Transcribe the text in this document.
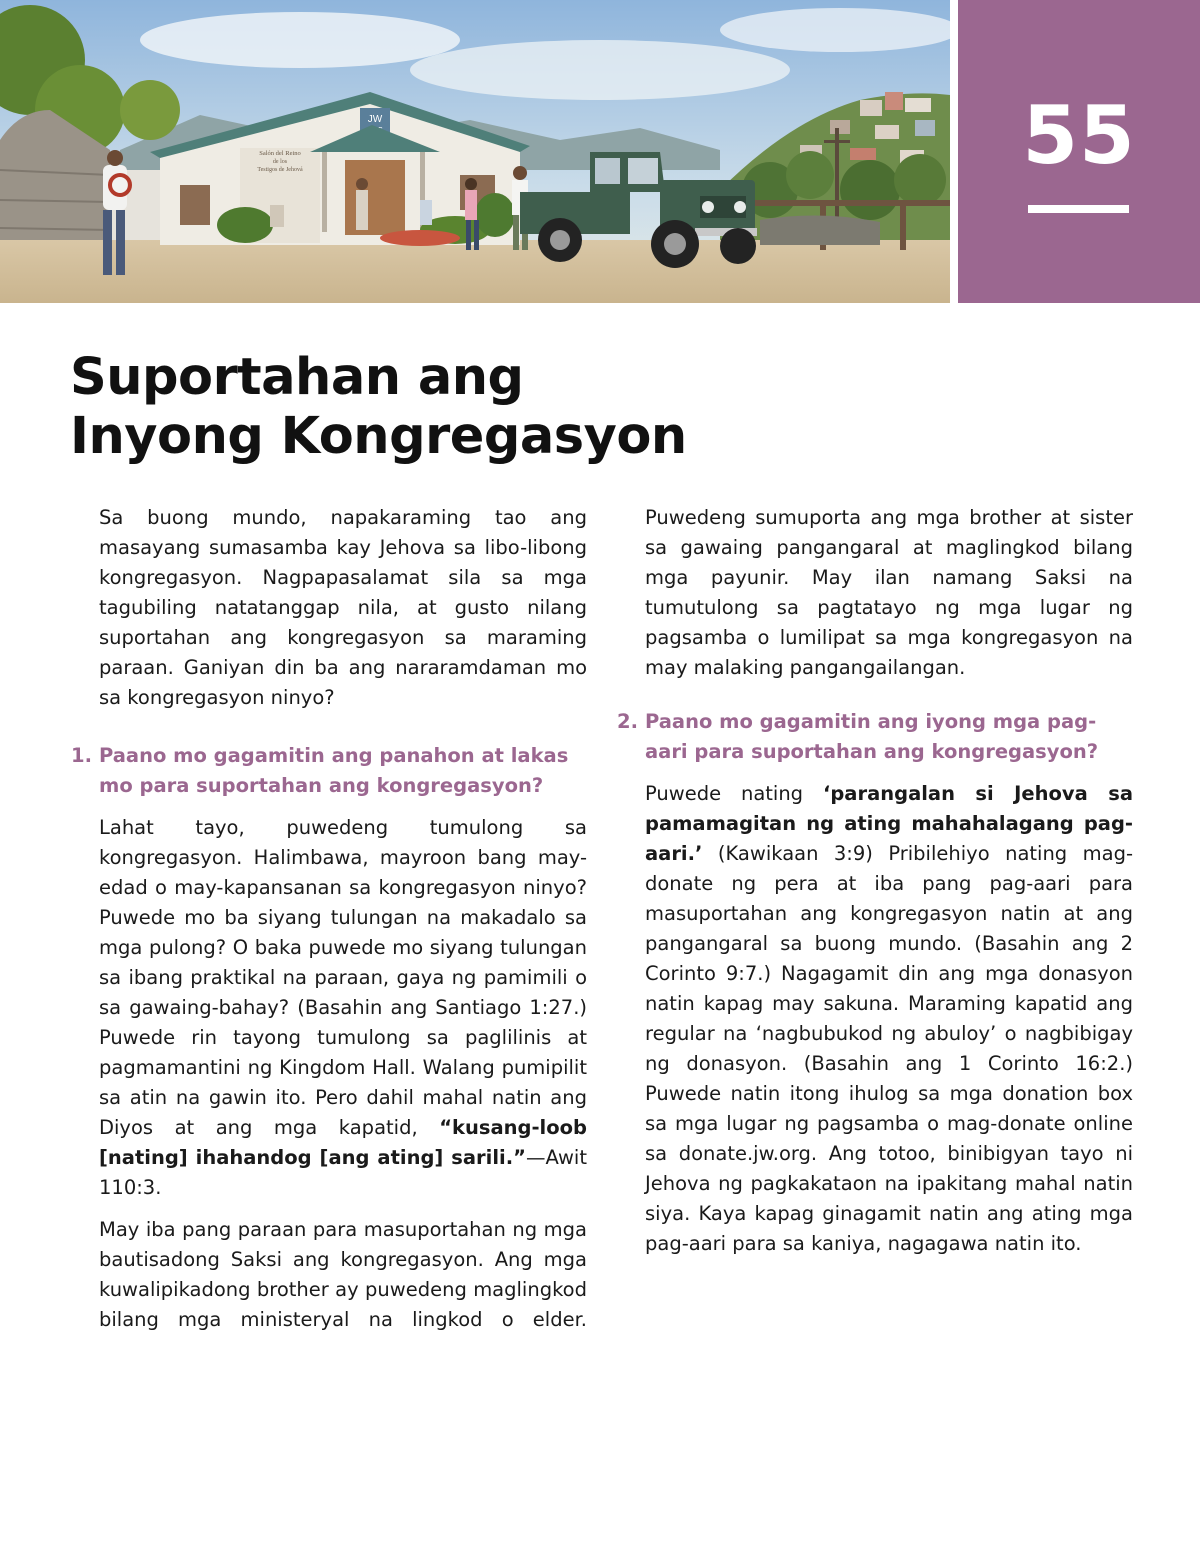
JW
Salón del Reino
de los
Testigos de Jehová	55
Suportahan ang
Inyong Kongregasyon

Sa buong mundo, napakaraming tao ang masayang sumasamba kay Jehova sa libo-libong kongregasyon. Nagpapasalamat sila sa mga tagubiling natatanggap nila, at gusto nilang suportahan ang kongregasyon sa maraming paraan. Ganiyan din ba ang nararamdaman mo sa kongregasyon ninyo?

1. Paano mo gagamitin ang panahon at lakas mo para suportahan ang kongregasyon?

Lahat tayo, puwedeng tumulong sa kongregasyon. Halimbawa, mayroon bang may-edad o may-kapansanan sa kongregasyon ninyo? Puwede mo ba siyang tulungan na makadalo sa mga pulong? O baka puwede mo siyang tulungan sa ibang praktikal na paraan, gaya ng pamimili o sa gawaing-bahay? (Basahin ang Santiago 1:27.) Puwede rin tayong tumulong sa paglilinis at pagmamantini ng Kingdom Hall. Walang pumipilit sa atin na gawin ito. Pero dahil mahal natin ang Diyos at ang mga kapatid, “kusang-loob [nating] ihahandog [ang ating] sarili.”—Awit 110:3.

May iba pang paraan para masuportahan ng mga bautisadong Saksi ang kongregasyon. Ang mga kuwalipikadong brother ay puwedeng maglingkod bilang mga ministeryal na lingkod o elder.

Puwedeng sumuporta ang mga brother at sister sa gawaing pangangaral at maglingkod bilang mga payunir. May ilan namang Saksi na tumutulong sa pagtatayo ng mga lugar ng pagsamba o lumilipat sa mga kongregasyon na may malaking pangangailangan.

2. Paano mo gagamitin ang iyong mga pag-aari para suportahan ang kongregasyon?

Puwede nating ‘parangalan si Jehova sa pamamagitan ng ating mahahalagang pag-aari.’ (Kawikaan 3:9) Pribilehiyo nating mag-donate ng pera at iba pang pag-aari para masuportahan ang kongregasyon natin at ang pangangaral sa buong mundo. (Basahin ang 2 Corinto 9:7.) Nagagamit din ang mga donasyon natin kapag may sakuna. Maraming kapatid ang regular na ‘nagbubukod ng abuloy’ o nagbibigay ng donasyon. (Basahin ang 1 Corinto 16:2.) Puwede natin itong ihulog sa mga donation box sa mga lugar ng pagsamba o mag-donate online sa donate.jw.org. Ang totoo, binibigyan tayo ni Jehova ng pagkakataon na ipakitang mahal natin siya. Kaya kapag ginagamit natin ang ating mga pag-aari para sa kaniya, nagagawa natin ito.
